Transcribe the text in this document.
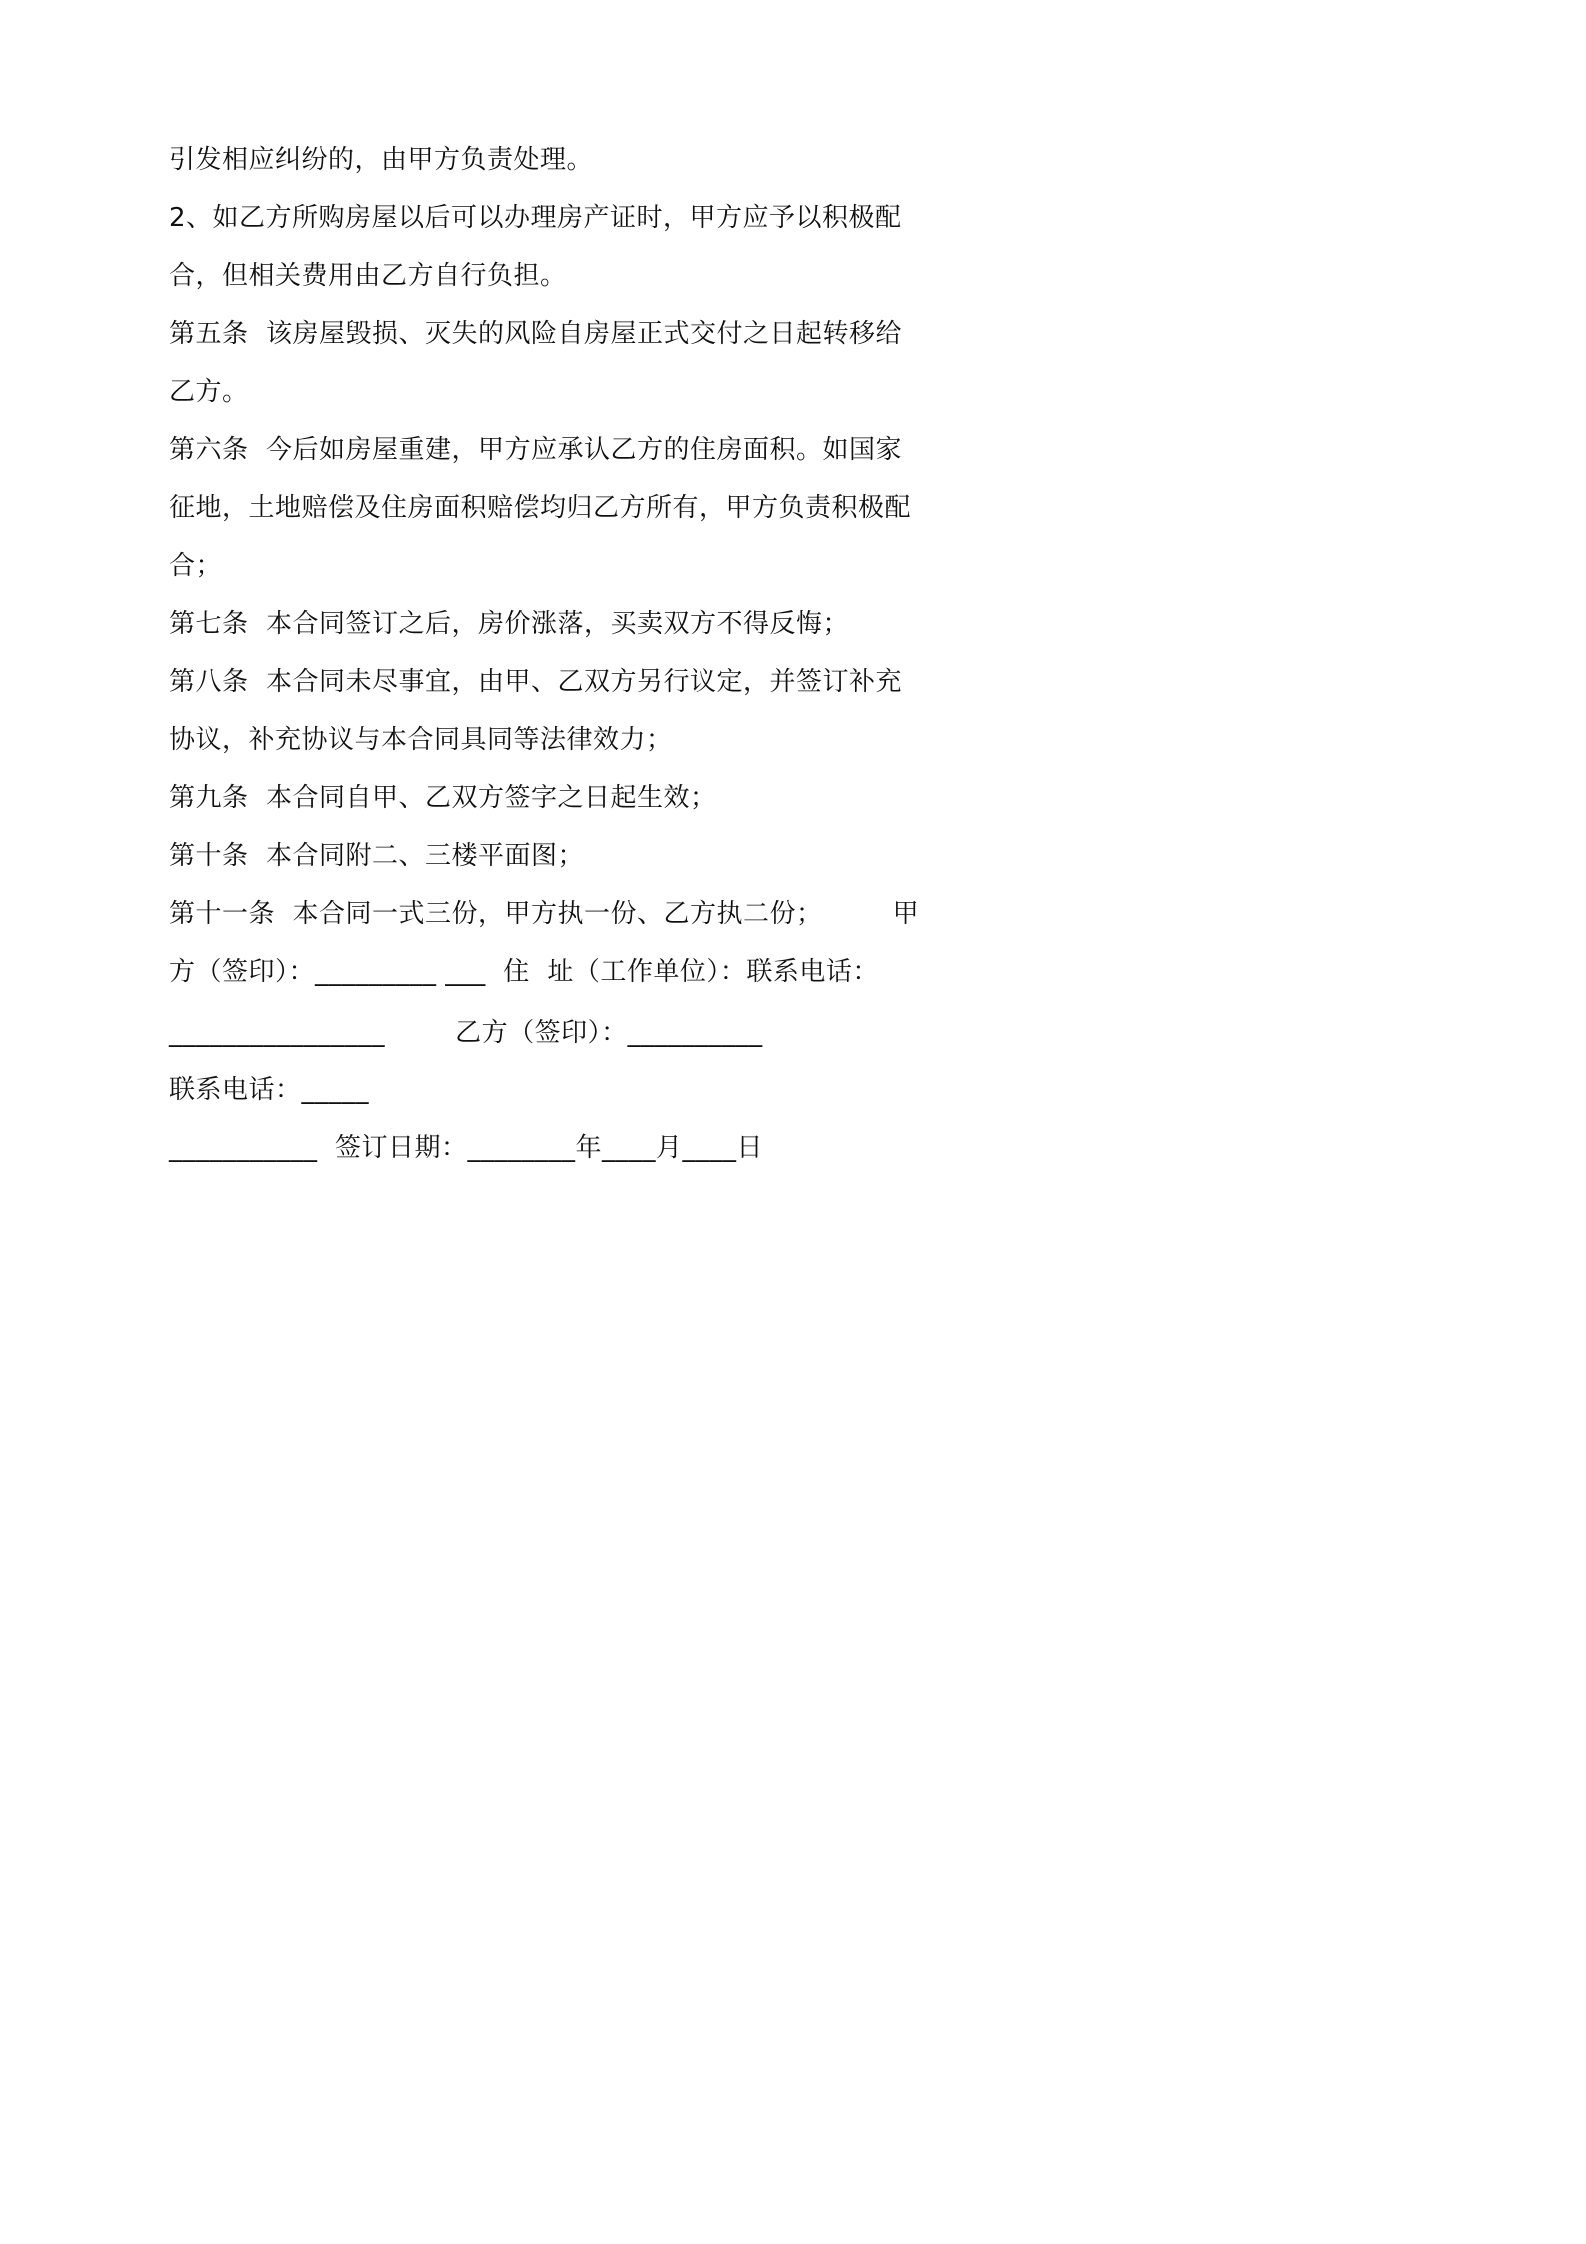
引发相应纠纷的，由甲方负责处理。
2、如乙方所购房屋以后可以办理房产证时，甲方应予以积极配
合，但相关费用由乙方自行负担。
第五条  该房屋毁损、灭失的风险自房屋正式交付之日起转移给
乙方。
第六条  今后如房屋重建，甲方应承认乙方的住房面积。如国家
征地，土地赔偿及住房面积赔偿均归乙方所有，甲方负责积极配
合；
第七条  本合同签订之后，房价涨落，买卖双方不得反悔；
第八条  本合同未尽事宜，由甲、乙双方另行议定，并签订补充
协议，补充协议与本合同具同等法律效力；
第九条  本合同自甲、乙双方签字之日起生效；
第十条  本合同附二、三楼平面图；
第十一条  本合同一式三份，甲方执一份、乙方执二份；        甲
方（签印）：_________ ___  住  址（工作单位）：联系电话：
________________        乙方（签印）：__________
联系电话：_____
___________  签订日期：________年____月____日
